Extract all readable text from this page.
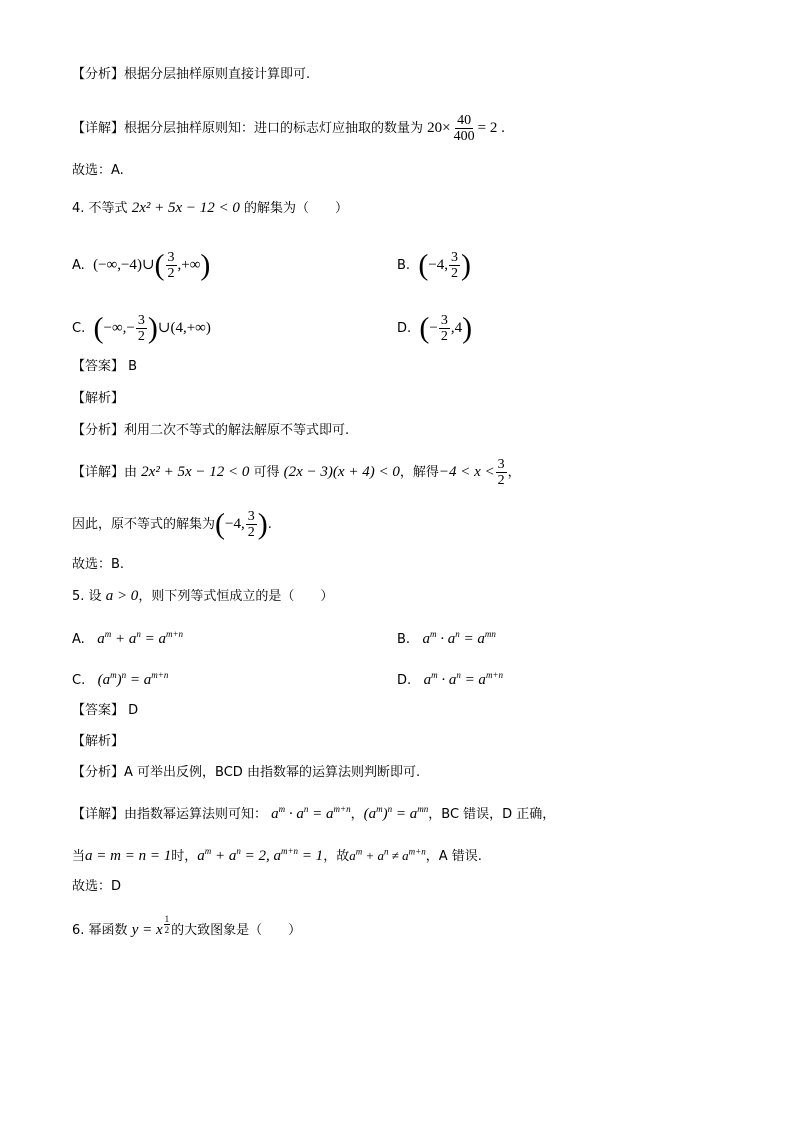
【分析】根据分层抽样原则直接计算即可.
【详解】根据分层抽样原则知：进口的标志灯应抽取的数量为 $20\times \frac{40}{400} = 2$ .
故选：A.
4. 不等式 2x² + 5x − 12 < 0 的解集为（　　）
A. (−∞,−4)∪( $\frac{3}{2}$ ,+∞)	B. (−4, $\frac{3}{2}$ )
C. (−∞,− $\frac{3}{2}$ )∪(4,+∞)	D. (− $\frac{3}{2} ,4$)
【答案】 B
【解析】
【分析】利用二次不等式的解法解原不等式即可.
【详解】由 2x² + 5x − 12 < 0 可得 (2x − 3)(x + 4) < 0，解得$-4 < x < \frac{3}{2}$ ，
因此，原不等式的解集为(−4, $\frac{3}{2}$ ).
故选：B.
5. 设 a > 0，则下列等式恒成立的是（　　）
A. $a^m + a^n = a^{m+n}$	B. $a^m \cdot a^n = a^{mn}$
C. $(a^m)^n = a^{m+n}$	D. $a^m \cdot a^n = a^{m+n}$
【答案】 D
【解析】
【分析】A 可举出反例，BCD 由指数幂的运算法则判断即可.
【详解】由指数幂运算法则可知： $a^m \cdot a^n = a^{m+n}$，$(a^m)^n = a^{mn}$，BC 错误，D 正确，
当a = m = n = 1时，$a^m + a^n = 2$, $a^{m+n} = 1$，故$a^m + a^n \ne a^{m+n}$，A 错误.
故选：D
6. 幂函数 y = x $\frac{1}{2}$ 的大致图象是（　　）
